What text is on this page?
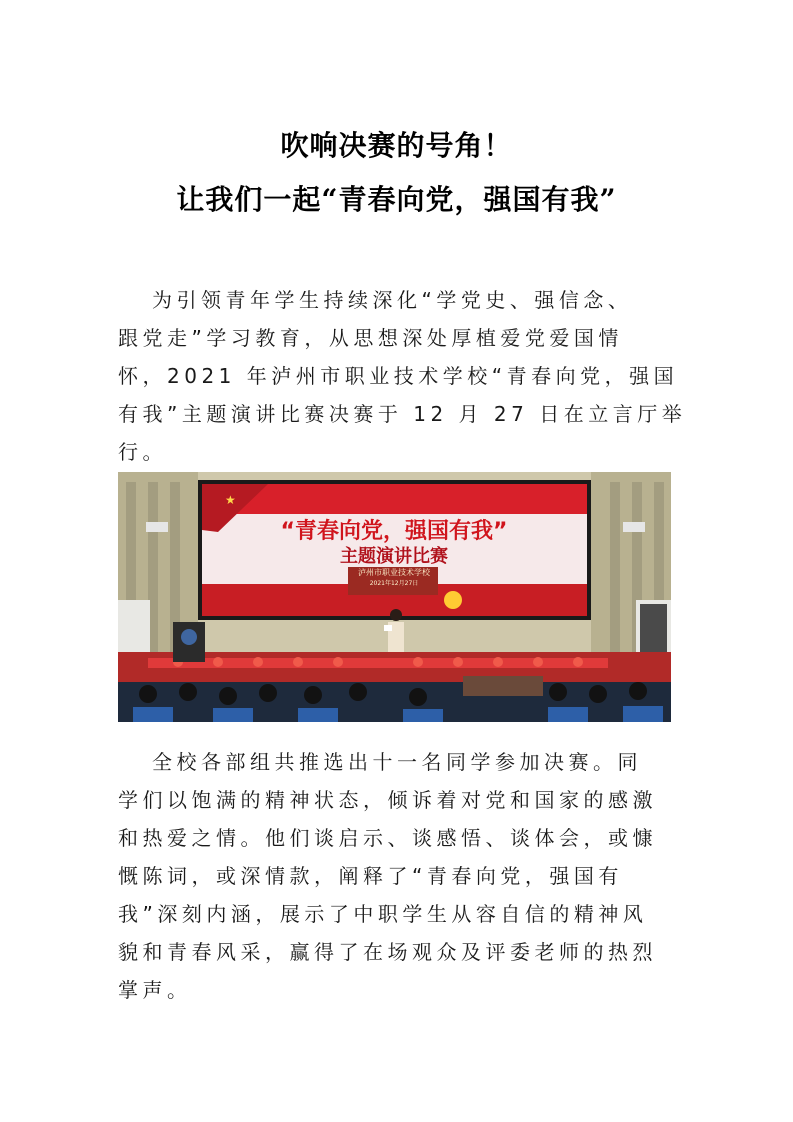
吹响决赛的号角！
让我们一起“青春向党，强国有我”
为引领青年学生持续深化“学党史、强信念、
跟党走”学习教育，从思想深处厚植爱党爱国情
怀，2021 年泸州市职业技术学校“青春向党，强国
有我”主题演讲比赛决赛于 12 月 27 日在立言厅举
行。
★
“青春向党，强国有我”
主题演讲比赛
泸州市职业技术学校
2021年12月27日
全校各部组共推选出十一名同学参加决赛。同
学们以饱满的精神状态，倾诉着对党和国家的感激
和热爱之情。他们谈启示、谈感悟、谈体会，或慷
慨陈词，或深情款，阐释了“青春向党，强国有
我”深刻内涵，展示了中职学生从容自信的精神风
貌和青春风采，赢得了在场观众及评委老师的热烈
掌声。
